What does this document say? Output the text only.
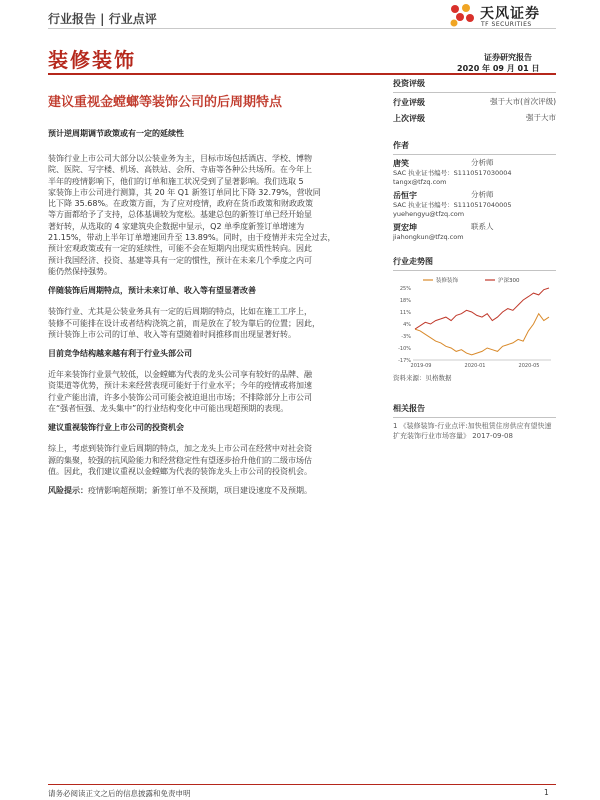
行业报告 | 行业点评	天风证券
TF SECURITIES
装修装饰	证券研究报告
2020 年 09 月 01 日
建议重视金螳螂等装饰公司的后周期特点
预计逆周期调节政策或有一定的延续性
装饰行业上市公司大部分以公装业务为主，目标市场包括酒店、学校、博物
院、医院、写字楼、机场、高铁站、会所、寺庙等各种公共场所。在今年上
半年的疫情影响下，他们的订单和施工状况受到了显著影响。我们选取 5
家装饰上市公司进行测算，其 20 年 Q1 新签订单同比下降 32.79%，营收同
比下降 35.68%。在政策方面，为了应对疫情，政府在货币政策和财政政策
等方面都给予了支持，总体基调较为宽松。基建总包的新签订单已经开始显
著好转，从选取的 4 家建筑央企数据中显示，Q2 单季度新签订单增速为
21.15%，带动上半年订单增速回升至 13.89%。同时，由于疫情并未完全过去，
预计宏观政策或有一定的延续性，可能不会在短期内出现实质性转向。因此
预计我国经济、投资、基建等具有一定的惯性，预计在未来几个季度之内可
能仍然保持强势。
伴随装饰后周期特点，预计未来订单、收入等有望显著改善
装饰行业、尤其是公装业务具有一定的后周期的特点，比如在施工工序上，
装修不可能排在设计或者结构浇筑之前，而是放在了较为靠后的位置；因此，
预计装饰上市公司的订单、收入等有望随着时间推移而出现显著好转。
目前竞争结构越来越有利于行业头部公司
近年来装饰行业景气较低，以金螳螂为代表的龙头公司享有较好的品牌、融
资渠道等优势，预计未来经营表现可能好于行业水平；今年的疫情或将加速
行业产能出清，许多小装饰公司可能会被迫退出市场；不排除部分上市公司
在“强者恒强、龙头集中”的行业结构变化中可能出现超预期的表现。
建议重视装饰行业上市公司的投资机会
综上，考虑到装饰行业后周期的特点，加之龙头上市公司在经营中对社会资
源的集聚，较强的抗风险能力和经营稳定性有望逐步抬升他们的二级市场估
值。因此，我们建议重视以金螳螂为代表的装饰龙头上市公司的投资机会。
风险提示：疫情影响超预期；新签订单不及预期，项目建设速度不及预期。
投资评级
行业评级	强于大市(首次评级)
上次评级	强于大市
作者
唐笑	分析师
SAC 执业证书编号：S1110517030004
tangx@tfzq.com
岳恒宇	分析师
SAC 执业证书编号：S1110517040005
yuehengyu@tfzq.com
贾宏坤	联系人
jiahongkun@tfzq.com
行业走势图
25%
18%
11%
4%
-3%
-10%
-17%
2019-09	2020-01	2020-05
装修装饰	沪深300
资料来源：贝格数据
相关报告
1 《装修装饰-行业点评:加快租赁住房供应有望快速扩充装饰行业市场容量》 2017-09-08
请务必阅读正文之后的信息披露和免责申明	1
